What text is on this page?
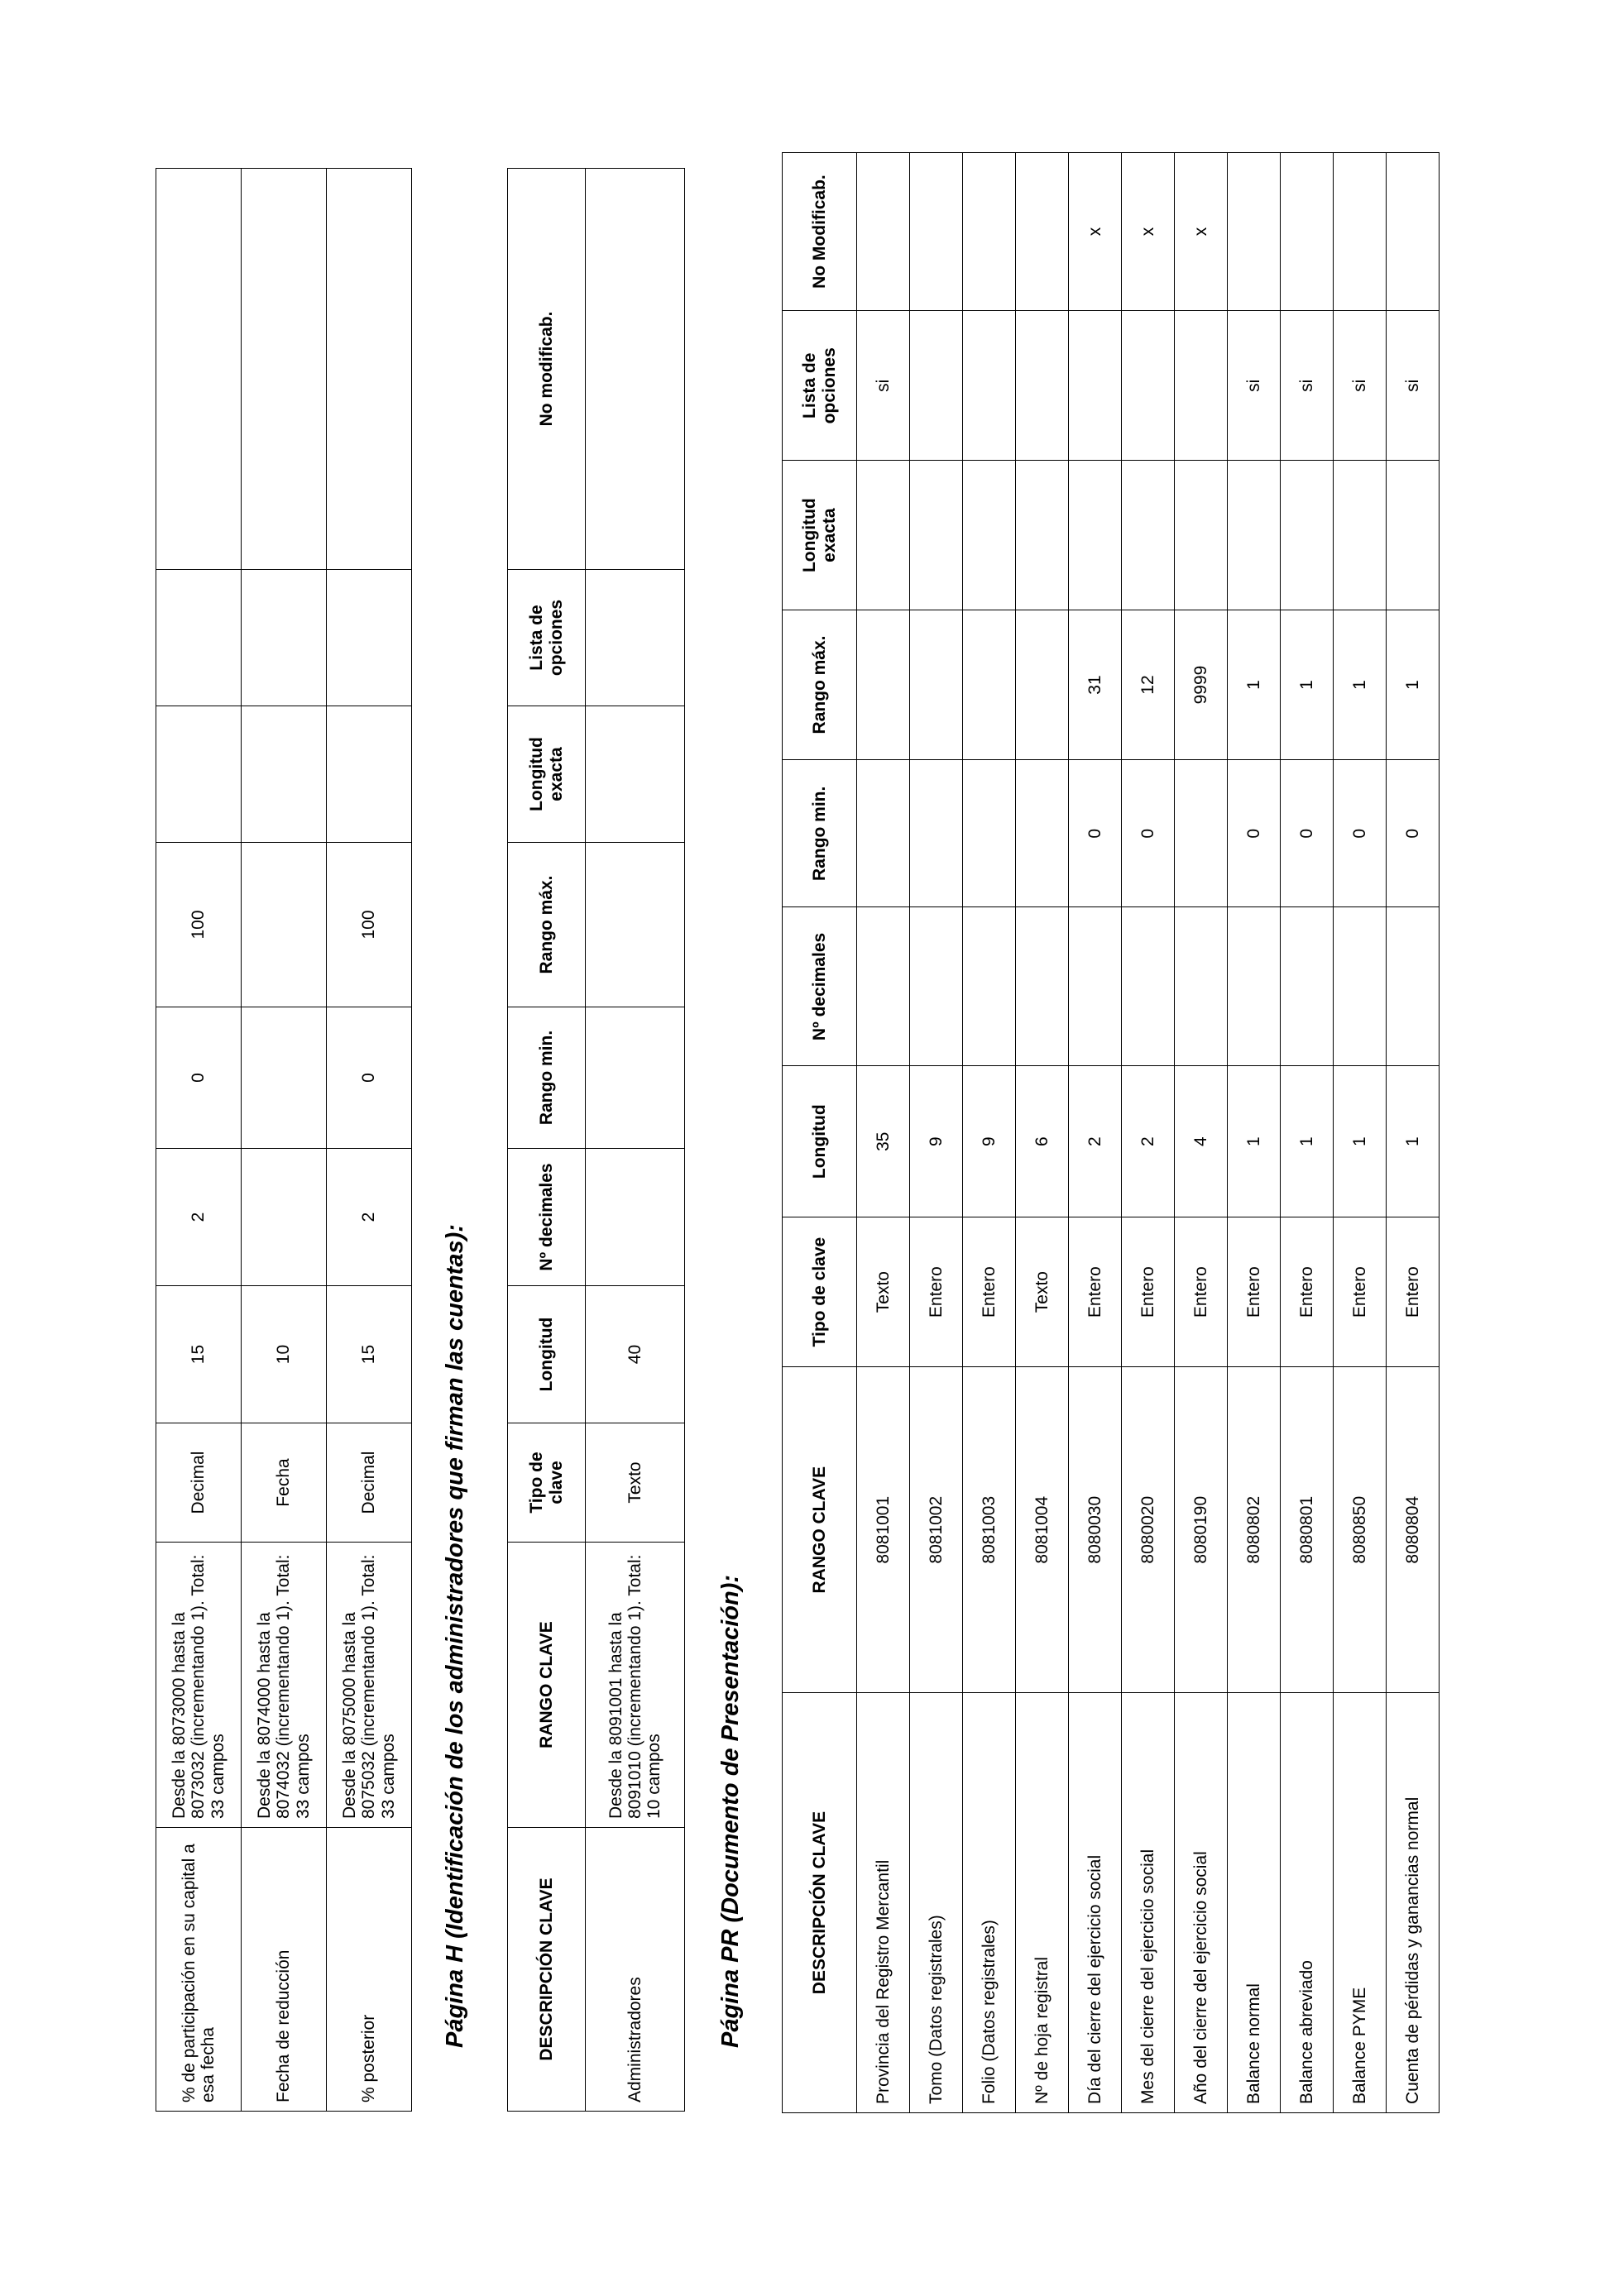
% de participación en su capital a esa fecha	Desde la 8073000 hasta la 8073032 (incrementando 1). Total: 33 campos	Decimal	15	2	0	100			
Fecha de reducción	Desde la 8074000 hasta la 8074032 (incrementando 1). Total: 33 campos	Fecha	10						
% posterior	Desde la 8075000 hasta la 8075032 (incrementando 1). Total: 33 campos	Decimal	15	2	0	100			
Página H (Identificación de los administradores que firman las cuentas):	DESCRIPCIÓN CLAVE	RANGO CLAVE	Tipo de clave	Longitud	Nº decimales	Rango min.	Rango máx.	Longitud exacta	Lista de opciones	No modificab.
Administradores	Desde la 8091001 hasta la 8091010 (incrementando 1). Total: 10 campos	Texto	40						
Página PR (Documento de Presentación):	DESCRIPCIÓN CLAVE	RANGO CLAVE	Tipo de clave	Longitud	Nº decimales	Rango min.	Rango máx.	Longitud exacta	Lista de opciones	No Modificab.
Provincia del Registro Mercantil	8081001	Texto	35					si	
Tomo (Datos registrales)	8081002	Entero	9						
Folio (Datos registrales)	8081003	Entero	9						
Nº de hoja registral	8081004	Texto	6						
Día del cierre del ejercicio social	8080030	Entero	2		0	31			x
Mes del cierre del ejercicio social	8080020	Entero	2		0	12			x
Año del cierre del ejercicio social	8080190	Entero	4			9999			x
Balance normal	8080802	Entero	1		0	1		si	
Balance abreviado	8080801	Entero	1		0	1		si	
Balance PYME	8080850	Entero	1		0	1		si	
Cuenta de pérdidas y ganancias normal	8080804	Entero	1		0	1		si	
